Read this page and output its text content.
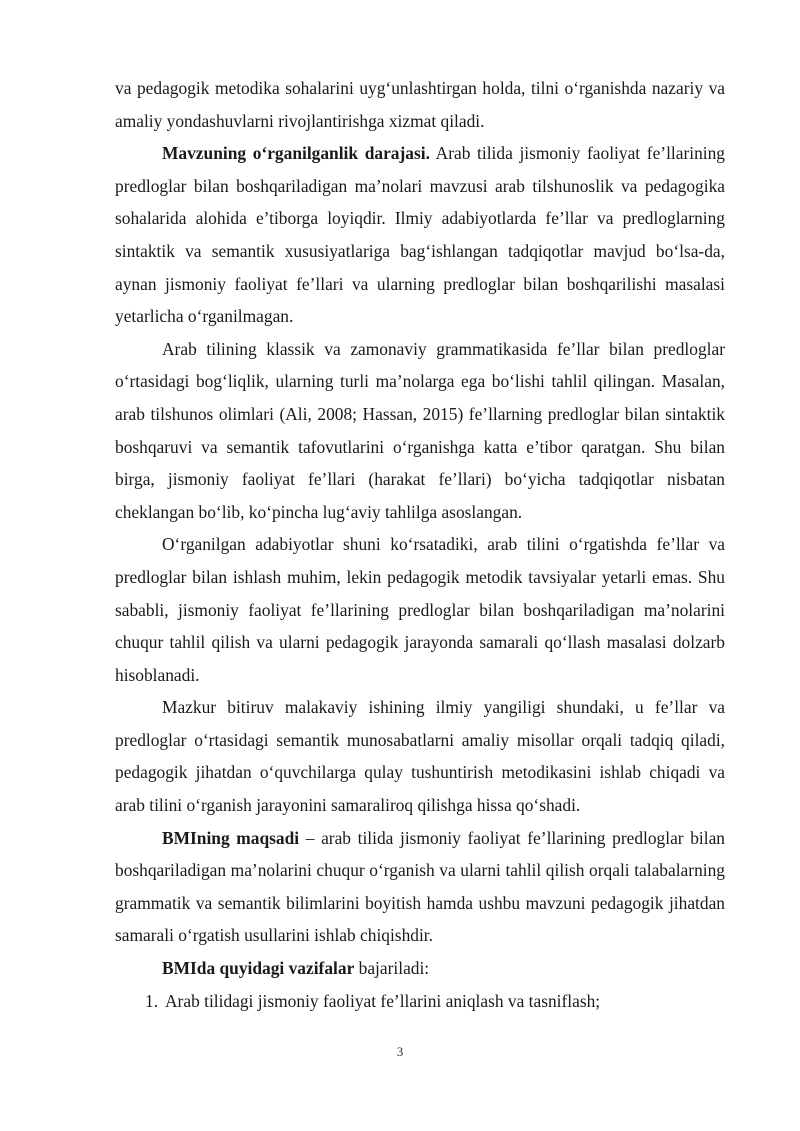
va pedagogik metodika sohalarini uyg‘unlashtirgan holda, tilni o‘rganishda nazariy va amaliy yondashuvlarni rivojlantirishga xizmat qiladi.

Mavzuning o‘rganilganlik darajasi. Arab tilida jismoniy faoliyat fe’llarining predloglar bilan boshqariladigan ma’nolari mavzusi arab tilshunoslik va pedagogika sohalarida alohida e’tiborga loyiqdir. Ilmiy adabiyotlarda fe’llar va predloglarning sintaktik va semantik xususiyatlariga bag‘ishlangan tadqiqotlar mavjud bo‘lsa-da, aynan jismoniy faoliyat fe’llari va ularning predloglar bilan boshqarilishi masalasi yetarlicha o‘rganilmagan.

Arab tilining klassik va zamonaviy grammatikasida fe’llar bilan predloglar o‘rtasidagi bog‘liqlik, ularning turli ma’nolarga ega bo‘lishi tahlil qilingan. Masalan, arab tilshunos olimlari (Ali, 2008; Hassan, 2015) fe’llarning predloglar bilan sintaktik boshqaruvi va semantik tafovutlarini o‘rganishga katta e’tibor qaratgan. Shu bilan birga, jismoniy faoliyat fe’llari (harakat fe’llari) bo‘yicha tadqiqotlar nisbatan cheklangan bo‘lib, ko‘pincha lug‘aviy tahlilga asoslangan.

O‘rganilgan adabiyotlar shuni ko‘rsatadiki, arab tilini o‘rgatishda fe’llar va predloglar bilan ishlash muhim, lekin pedagogik metodik tavsiyalar yetarli emas. Shu sababli, jismoniy faoliyat fe’llarining predloglar bilan boshqariladigan ma’nolarini chuqur tahlil qilish va ularni pedagogik jarayonda samarali qo‘llash masalasi dolzarb hisoblanadi.

Mazkur bitiruv malakaviy ishining ilmiy yangiligi shundaki, u fe’llar va predloglar o‘rtasidagi semantik munosabatlarni amaliy misollar orqali tadqiq qiladi, pedagogik jihatdan o‘quvchilarga qulay tushuntirish metodikasini ishlab chiqadi va arab tilini o‘rganish jarayonini samaraliroq qilishga hissa qo‘shadi.

BMIning maqsadi – arab tilida jismoniy faoliyat fe’llarining predloglar bilan boshqariladigan ma’nolarini chuqur o‘rganish va ularni tahlil qilish orqali talabalarning grammatik va semantik bilimlarini boyitish hamda ushbu mavzuni pedagogik jihatdan samarali o‘rgatish usullarini ishlab chiqishdir.

BMIda quyidagi vazifalar bajariladi:

1. Arab tilidagi jismoniy faoliyat fe’llarini aniqlash va tasniflash;
3
